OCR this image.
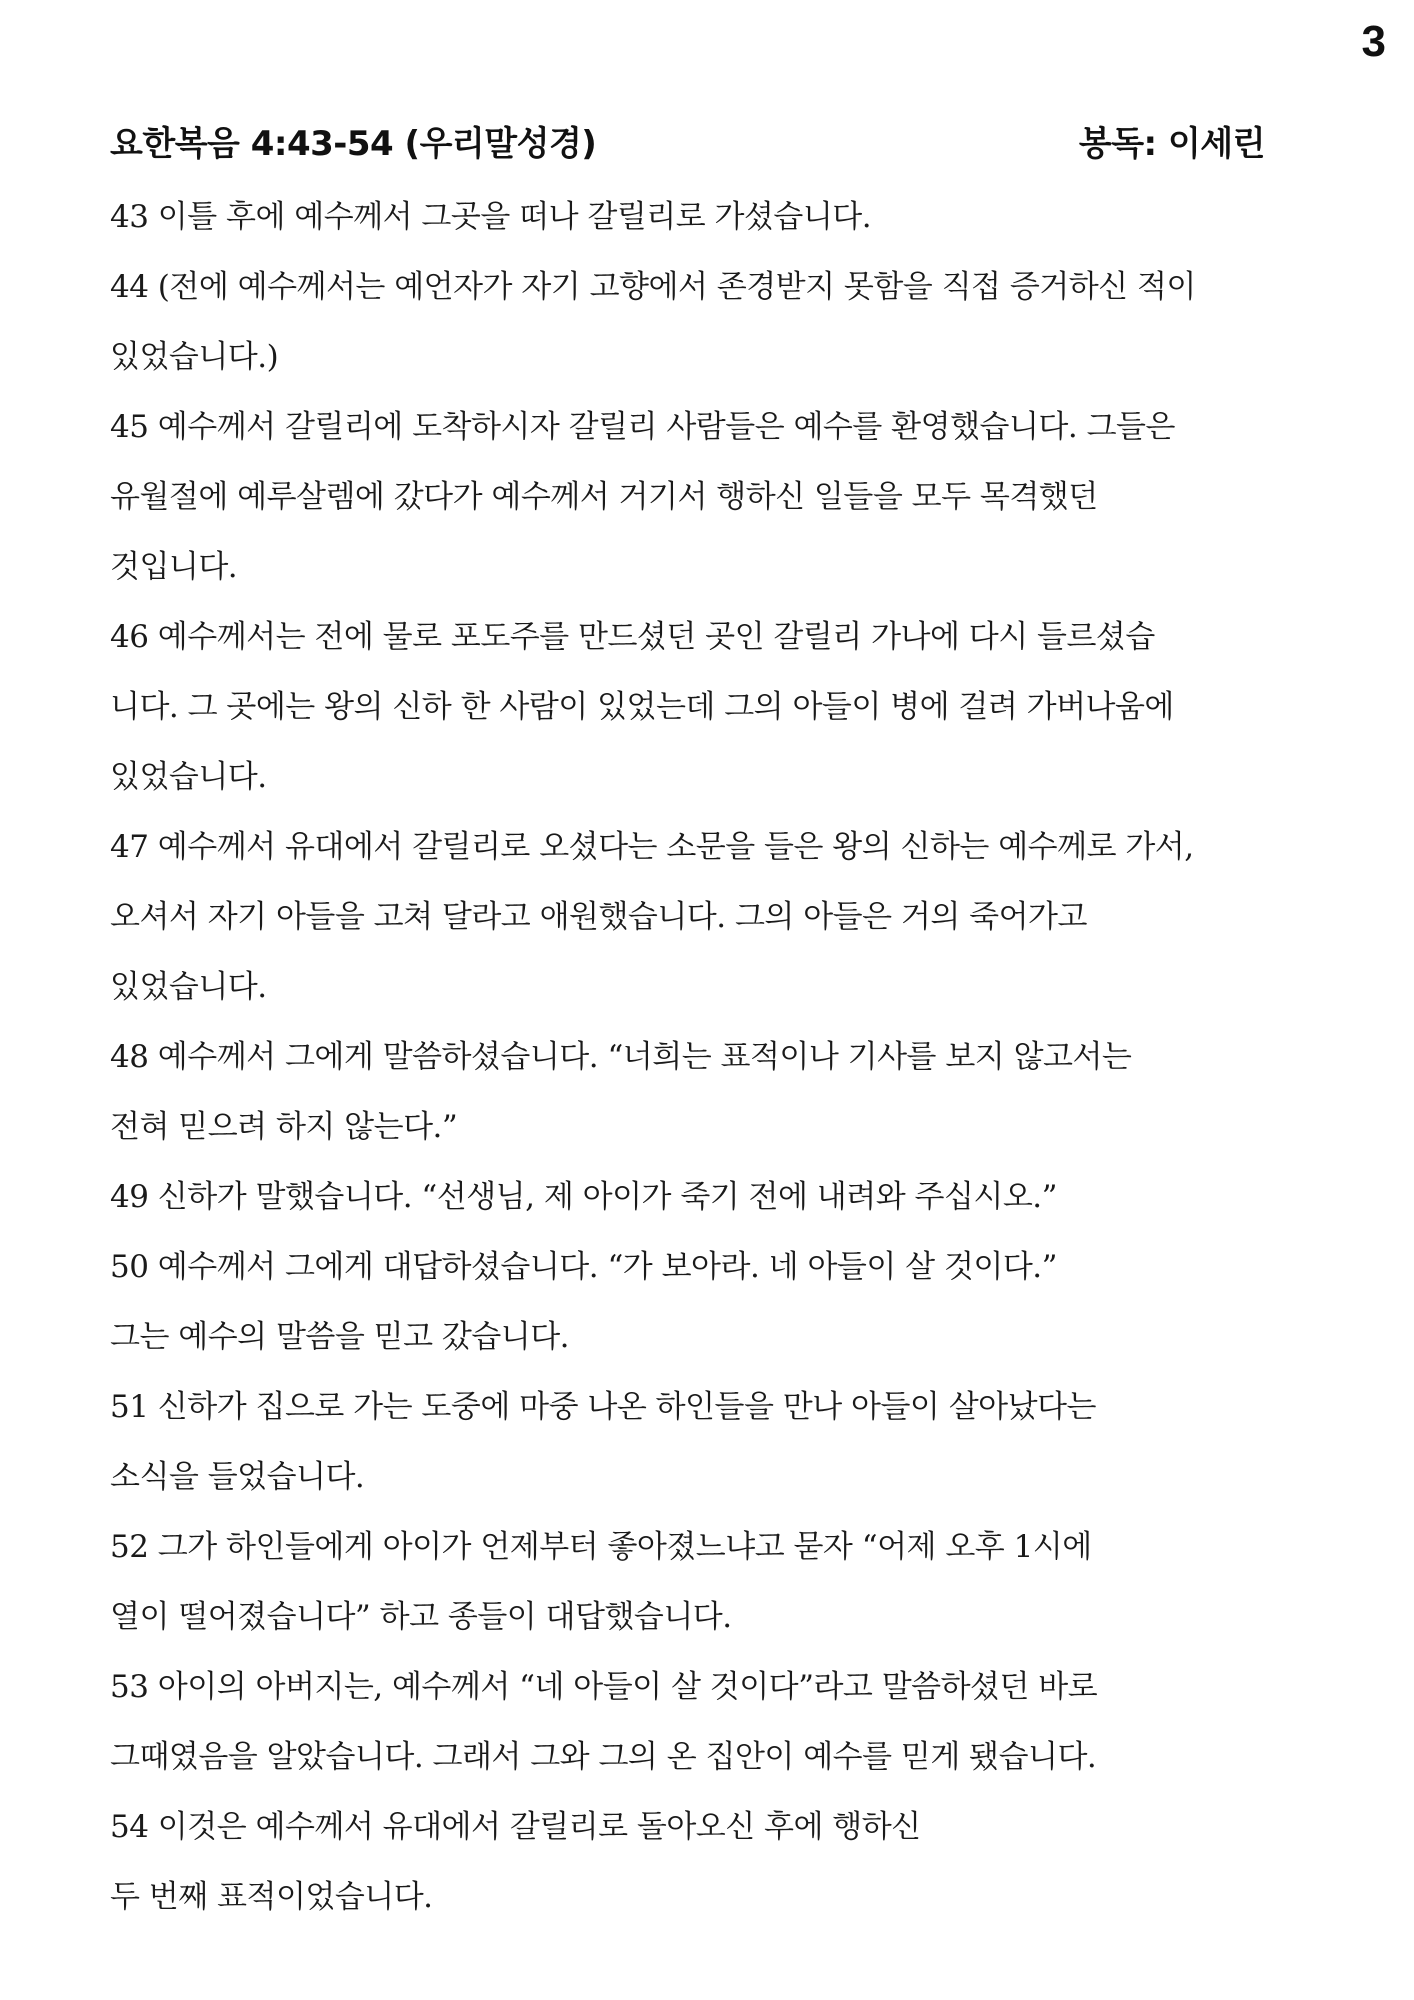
3
요한복음 4:43-54 (우리말성경)	봉독: 이세린
43 이틀 후에 예수께서 그곳을 떠나 갈릴리로 가셨습니다.
44 (전에 예수께서는 예언자가 자기 고향에서 존경받지 못함을 직접 증거하신 적이
있었습니다.)
45 예수께서 갈릴리에 도착하시자 갈릴리 사람들은 예수를 환영했습니다. 그들은
유월절에 예루살렘에 갔다가 예수께서 거기서 행하신 일들을 모두 목격했던
것입니다.
46 예수께서는 전에 물로 포도주를 만드셨던 곳인 갈릴리 가나에 다시 들르셨습
니다. 그 곳에는 왕의 신하 한 사람이 있었는데 그의 아들이 병에 걸려 가버나움에
있었습니다.
47 예수께서 유대에서 갈릴리로 오셨다는 소문을 들은 왕의 신하는 예수께로 가서,
오셔서 자기 아들을 고쳐 달라고 애원했습니다. 그의 아들은 거의 죽어가고
있었습니다.
48 예수께서 그에게 말씀하셨습니다. “너희는 표적이나 기사를 보지 않고서는
전혀 믿으려 하지 않는다.”
49 신하가 말했습니다. “선생님, 제 아이가 죽기 전에 내려와 주십시오.”
50 예수께서 그에게 대답하셨습니다. “가 보아라. 네 아들이 살 것이다.”
그는 예수의 말씀을 믿고 갔습니다.
51 신하가 집으로 가는 도중에 마중 나온 하인들을 만나 아들이 살아났다는
소식을 들었습니다.
52 그가 하인들에게 아이가 언제부터 좋아졌느냐고 묻자 “어제 오후 1시에
열이 떨어졌습니다” 하고 종들이 대답했습니다.
53 아이의 아버지는, 예수께서 “네 아들이 살 것이다”라고 말씀하셨던 바로
그때였음을 알았습니다. 그래서 그와 그의 온 집안이 예수를 믿게 됐습니다.
54 이것은 예수께서 유대에서 갈릴리로 돌아오신 후에 행하신
두 번째 표적이었습니다.
